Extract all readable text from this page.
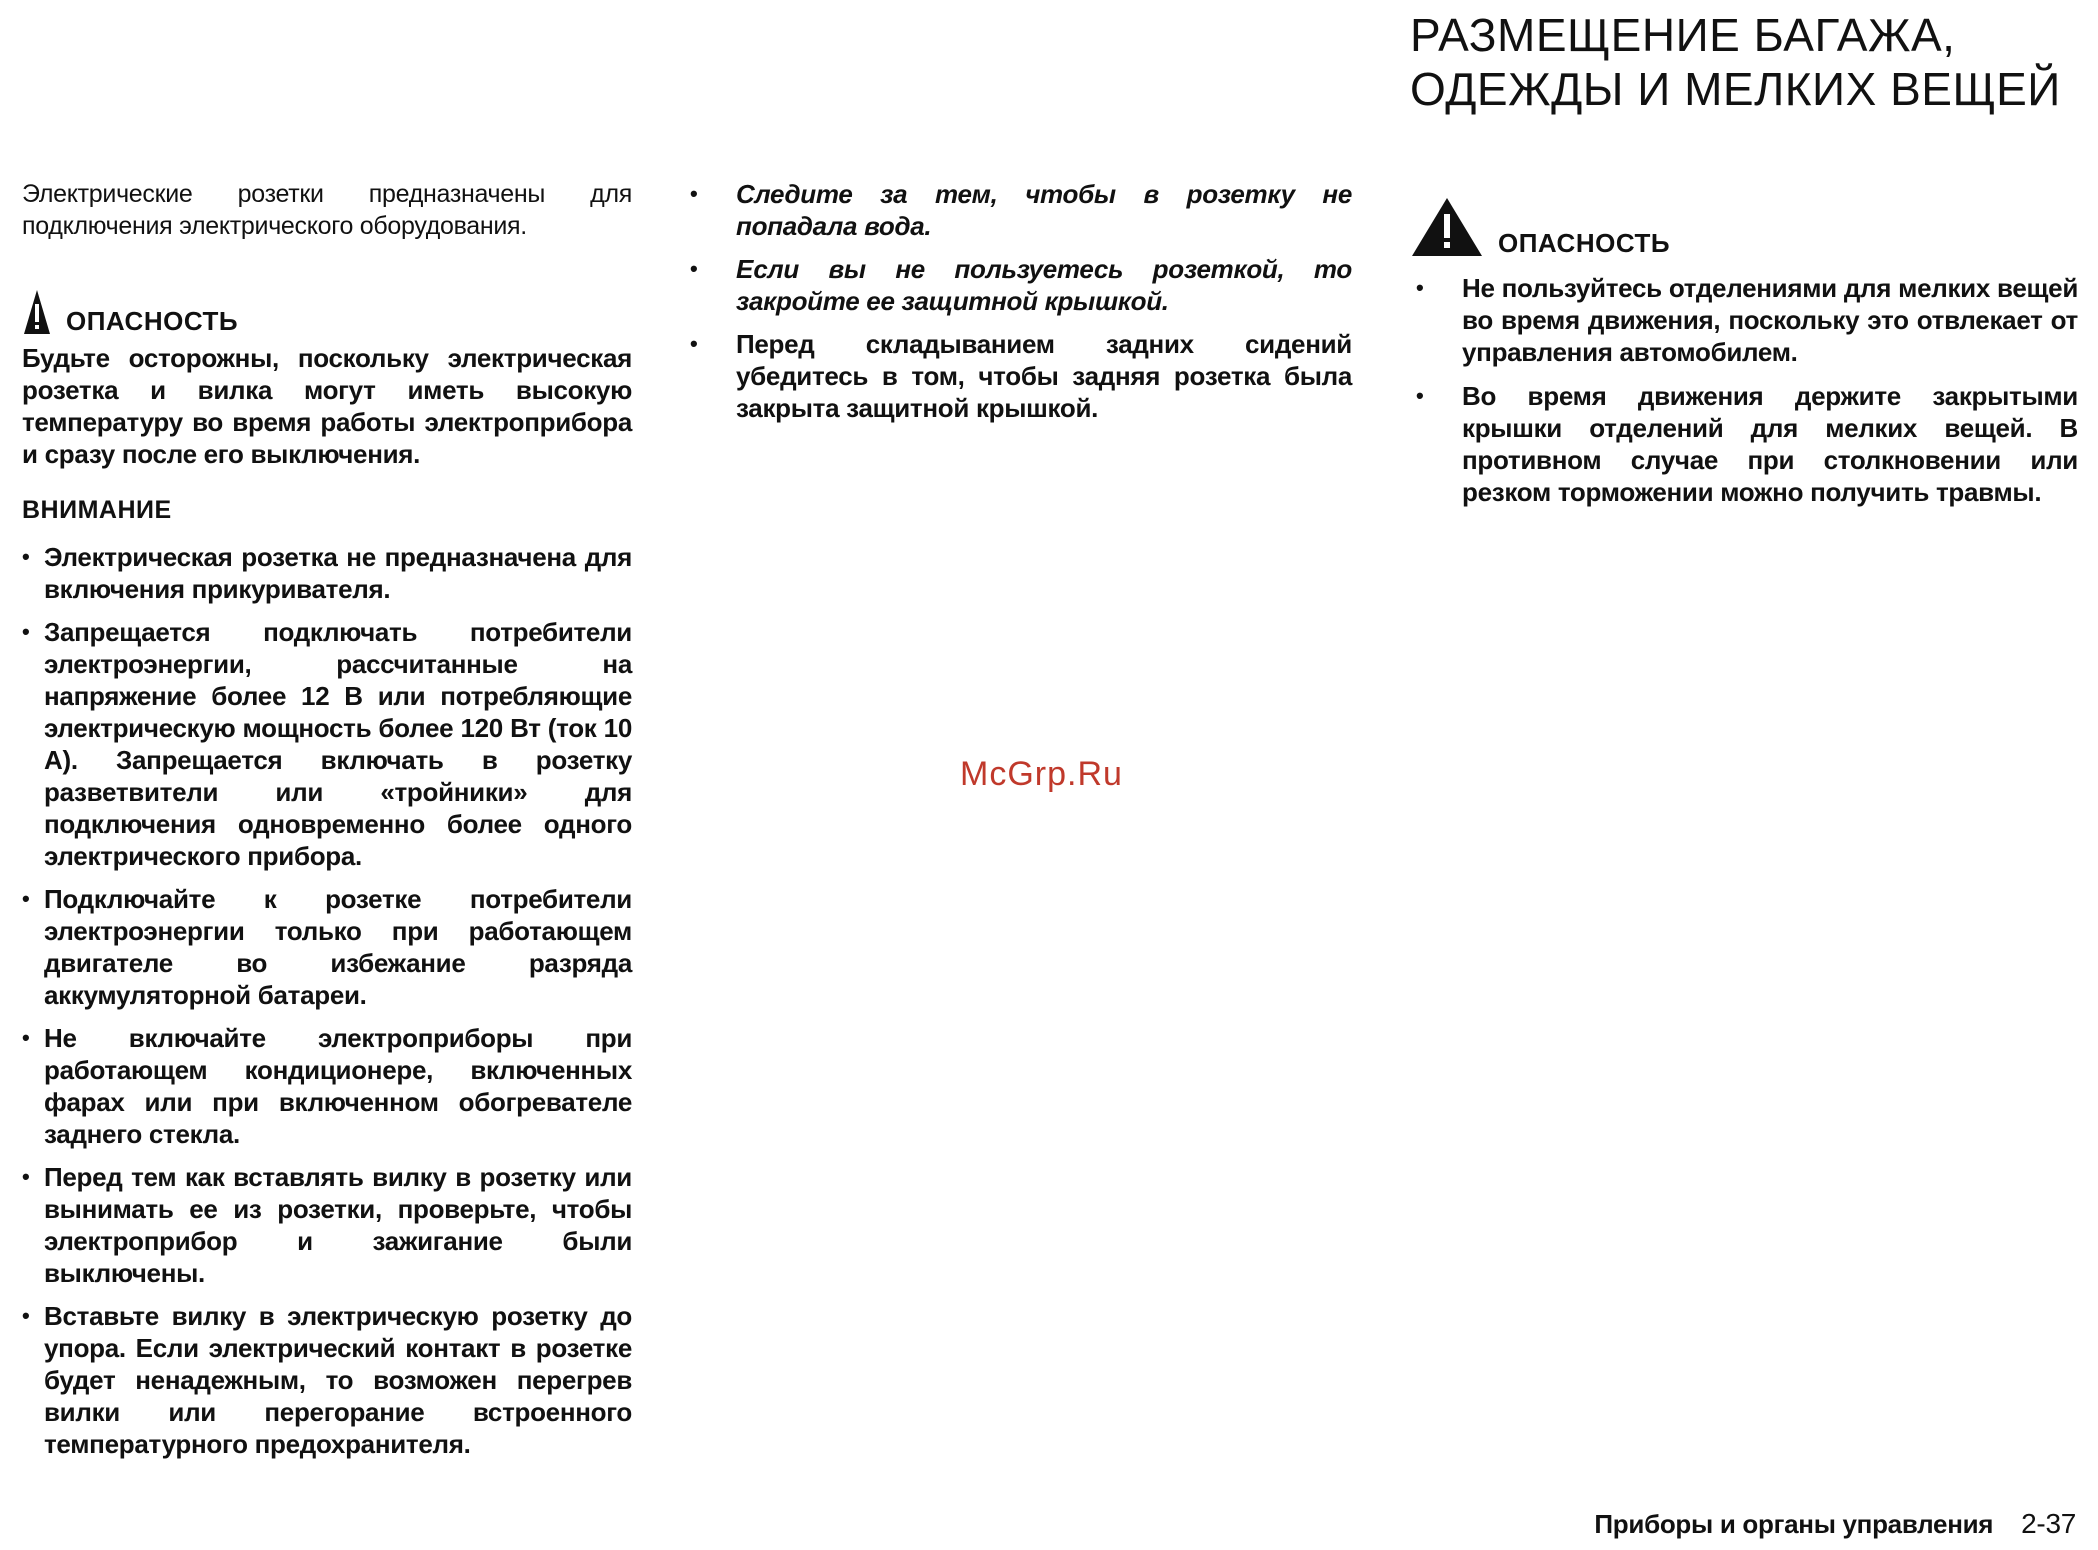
Электрические розетки предназначены для подключения электрического оборудования.

ОПАСНОСТЬ

Будьте осторожны, поскольку электрическая розетка и вилка могут иметь высокую температуру во время работы электроприбора и сразу после его выключения.

ВНИМАНИЕ
• Электрическая розетка не предназначена для включения прикуривателя.
• Запрещается подключать потребители электроэнергии, рассчитанные на напряжение более 12 В или потребляющие электрическую мощность более 120 Вт (ток 10 А). Запрещается включать в розетку разветвители или «тройники» для подключения одновременно более одного электрического прибора.
• Подключайте к розетке потребители электроэнергии только при работающем двигателе во избежание разряда аккумуляторной батареи.
• Не включайте электроприборы при работающем кондиционере, включенных фарах или при включенном обогревателе заднего стекла.
• Перед тем как вставлять вилку в розетку или вынимать ее из розетки, проверьте, чтобы электроприбор и зажигание были выключены.
• Вставьте вилку в электрическую розетку до упора. Если электрический контакт в розетке будет ненадежным, то возможен перегрев вилки или перегорание встроенного температурного предохранителя.
• Следите за тем, чтобы в розетку не попадала вода.
• Если вы не пользуетесь розеткой, то закройте ее защитной крышкой.
• Перед складыванием задних сидений убедитесь в том, чтобы задняя розетка была закрыта защитной крышкой.
РАЗМЕЩЕНИЕ БАГАЖА,
ОДЕЖДЫ И МЕЛКИХ ВЕЩЕЙ
ОПАСНОСТЬ
• Не пользуйтесь отделениями для мелких вещей во время движения, поскольку это отвлекает от управления автомобилем.
• Во время движения держите закрытыми крышки отделений для мелких вещей. В противном случае при столкновении или резком торможении можно получить травмы.
McGrp.Ru
Приборы и органы управления 2-37
